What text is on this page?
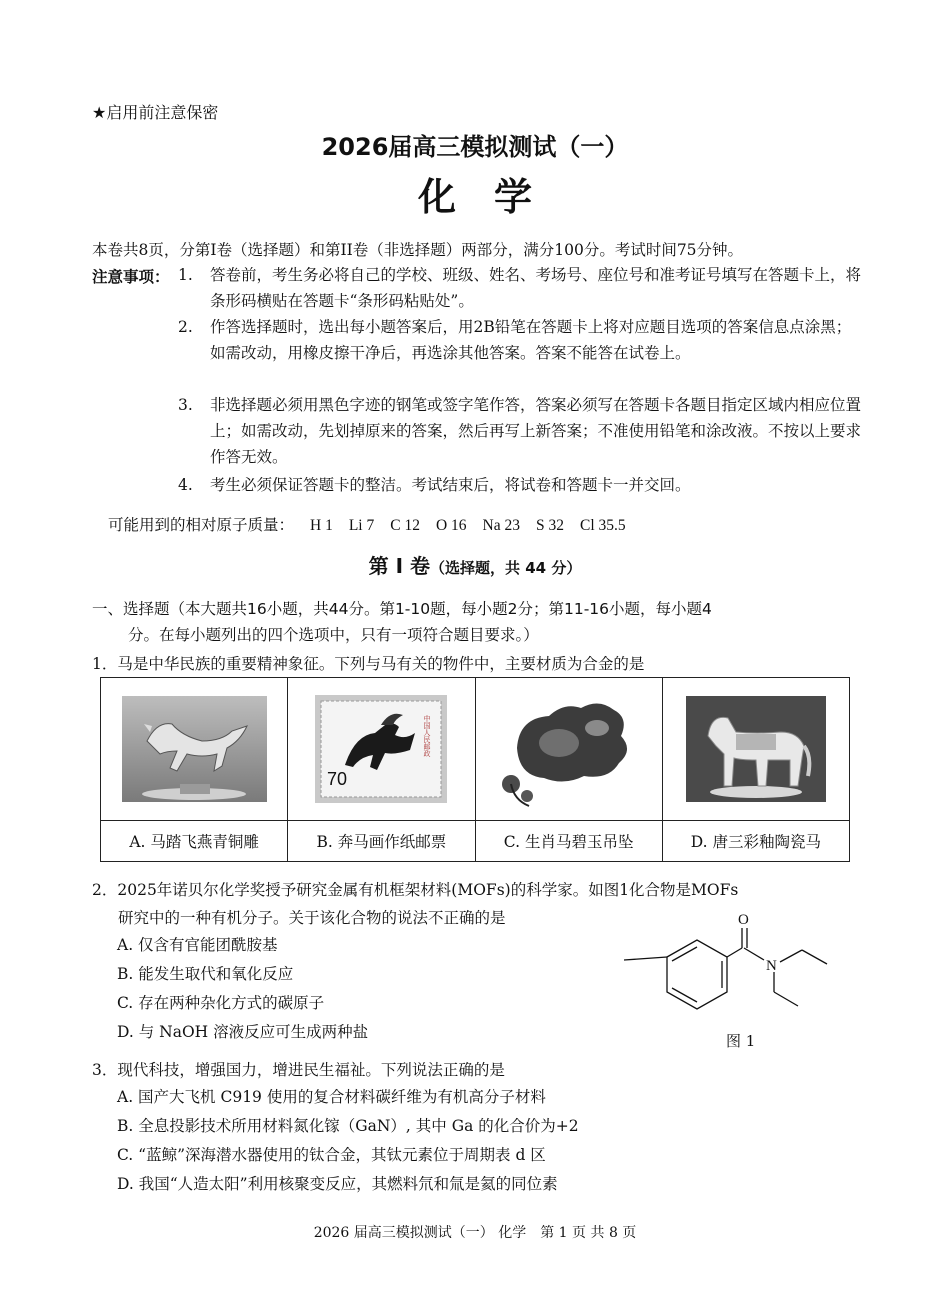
★启用前注意保密
2026届高三模拟测试（一）
化　学
本卷共8页，分第I卷（选择题）和第II卷（非选择题）两部分，满分100分。考试时间75分钟。
注意事项： 1. 答卷前，考生务必将自己的学校、班级、姓名、考场号、座位号和准考证号填写在答题卡上，将条形码横贴在答题卡“条形码粘贴处”。
2. 作答选择题时，选出每小题答案后，用2B铅笔在答题卡上将对应题目选项的答案信息点涂黑；如需改动，用橡皮擦干净后，再选涂其他答案。答案不能答在试卷上。
3. 非选择题必须用黑色字迹的钢笔或签字笔作答，答案必须写在答题卡各题目指定区域内相应位置上；如需改动，先划掉原来的答案，然后再写上新答案；不准使用铅笔和涂改液。不按以上要求作答无效。
4. 考生必须保证答题卡的整洁。考试结束后，将试卷和答题卡一并交回。
可能用到的相对原子质量： H 1 Li 7 C 12 O 16 Na 23 S 32 Cl 35.5
第 I 卷（选择题，共 44 分）
一、选择题（本大题共16小题，共44分。第1-10题，每小题2分；第11-16小题，每小题4
分。在每小题列出的四个选项中，只有一项符合题目要求。）
1．马是中华民族的重要精神象征。下列与马有关的物件中，主要材质为合金的是

70
中国人民邮政

A. 马踏飞燕青铜雕	B. 奔马画作纸邮票	C. 生肖马碧玉吊坠	D. 唐三彩釉陶瓷马
2．2025年诺贝尔化学奖授予研究金属有机框架材料(MOFs)的科学家。如图1化合物是MOFs
研究中的一种有机分子。关于该化合物的说法不正确的是
A. 仅含有官能团酰胺基
B. 能发生取代和氧化反应
C. 存在两种杂化方式的碳原子
D. 与 NaOH 溶液反应可生成两种盐
O
N
图 1
3．现代科技，增强国力，增进民生福祉。下列说法正确的是
A. 国产大飞机 C919 使用的复合材料碳纤维为有机高分子材料
B. 全息投影技术所用材料氮化镓（GaN）, 其中 Ga 的化合价为+2
C. “蓝鲸”深海潜水器使用的钛合金，其钛元素位于周期表 d 区
D. 我国“人造太阳”利用核聚变反应，其燃料氘和氚是氦的同位素
2026 届高三模拟测试（一） 化学　第 1 页 共 8 页
